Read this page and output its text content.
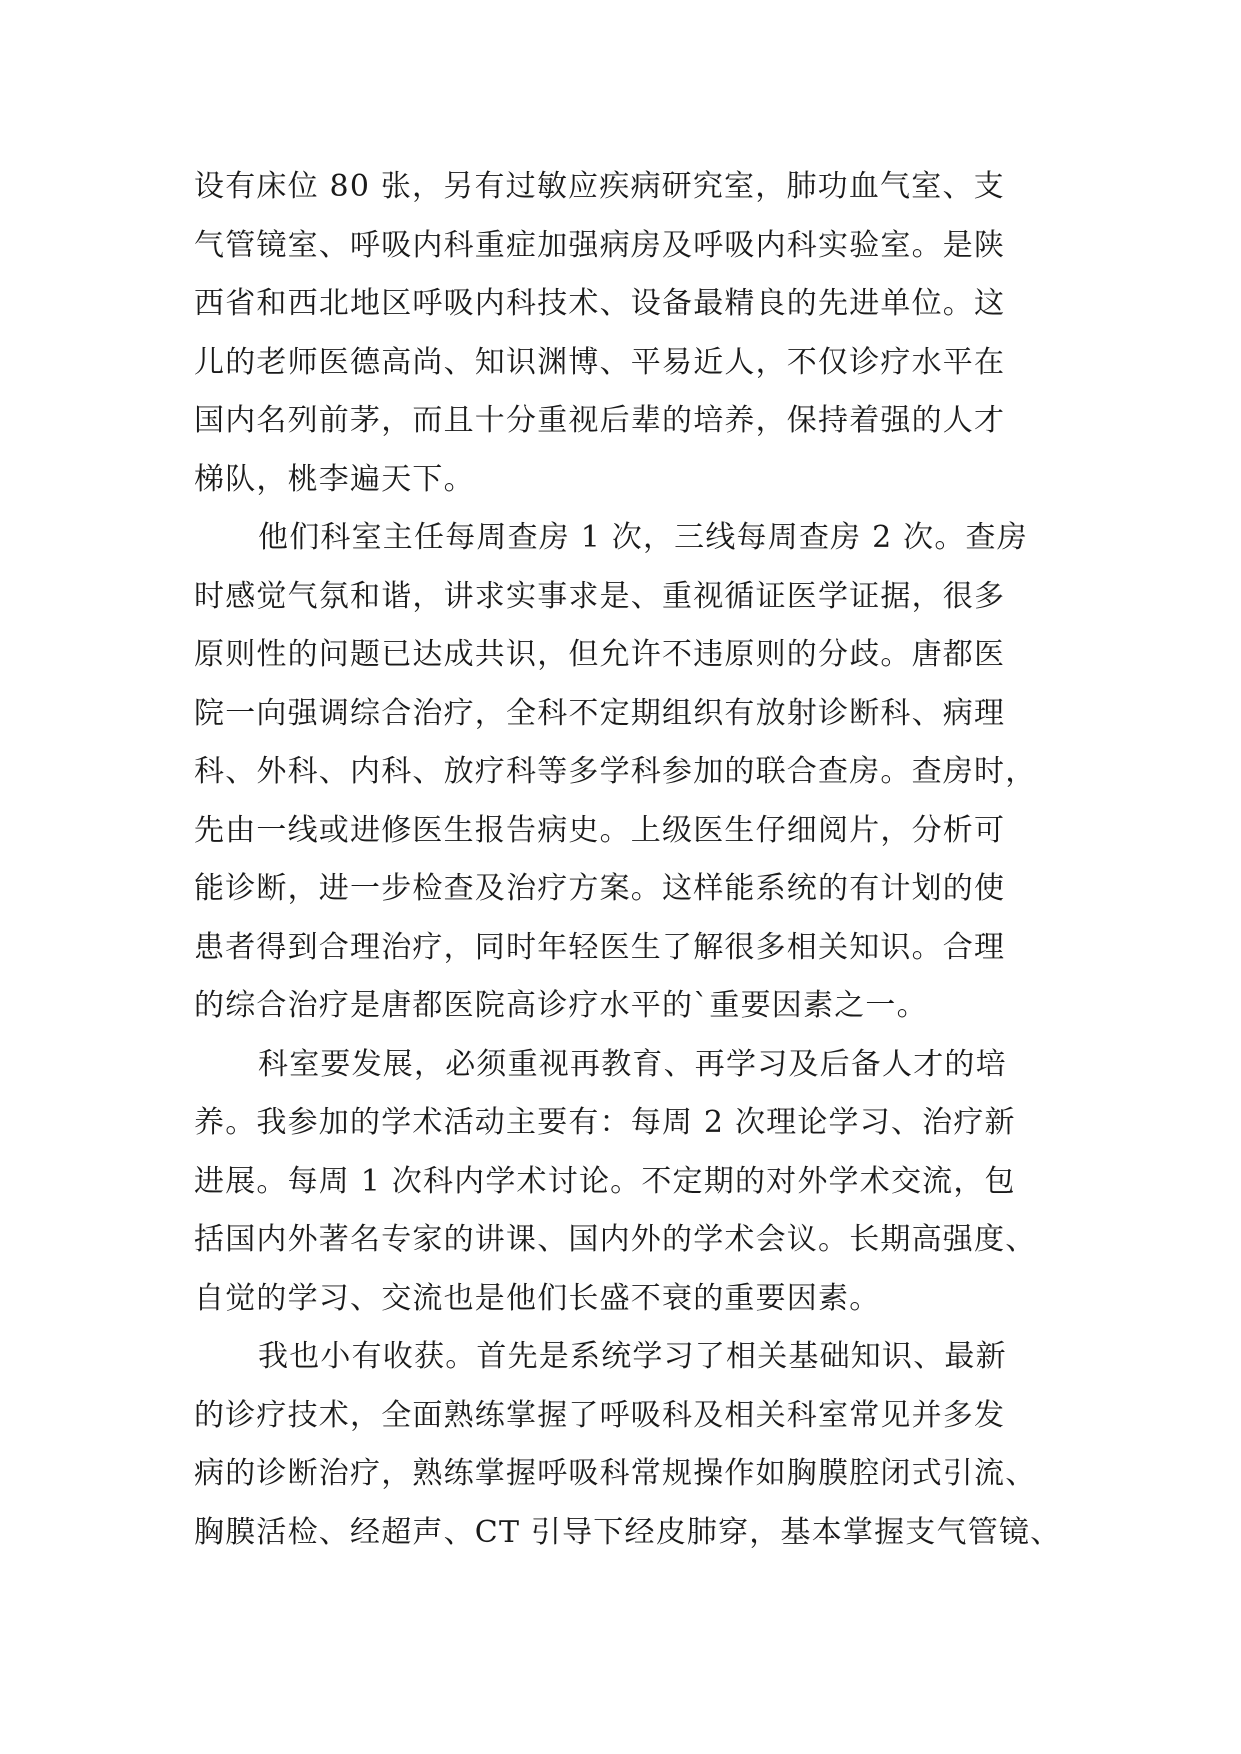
设有床位 80 张，另有过敏应疾病研究室，肺功血气室、支
气管镜室、呼吸内科重症加强病房及呼吸内科实验室。是陕
西省和西北地区呼吸内科技术、设备最精良的先进单位。这
儿的老师医德高尚、知识渊博、平易近人，不仅诊疗水平在
国内名列前茅，而且十分重视后辈的培养，保持着强的人才
梯队，桃李遍天下。
他们科室主任每周查房 1 次，三线每周查房 2 次。查房
时感觉气氛和谐，讲求实事求是、重视循证医学证据，很多
原则性的问题已达成共识，但允许不违原则的分歧。唐都医
院一向强调综合治疗，全科不定期组织有放射诊断科、病理
科、外科、内科、放疗科等多学科参加的联合查房。查房时，
先由一线或进修医生报告病史。上级医生仔细阅片，分析可
能诊断，进一步检查及治疗方案。这样能系统的有计划的使
患者得到合理治疗，同时年轻医生了解很多相关知识。合理
的综合治疗是唐都医院高诊疗水平的`重要因素之一。
科室要发展，必须重视再教育、再学习及后备人才的培
养。我参加的学术活动主要有：每周 2 次理论学习、治疗新
进展。每周 1 次科内学术讨论。不定期的对外学术交流，包
括国内外著名专家的讲课、国内外的学术会议。长期高强度、
自觉的学习、交流也是他们长盛不衰的重要因素。
我也小有收获。首先是系统学习了相关基础知识、最新
的诊疗技术，全面熟练掌握了呼吸科及相关科室常见并多发
病的诊断治疗，熟练掌握呼吸科常规操作如胸膜腔闭式引流、
胸膜活检、经超声、CT 引导下经皮肺穿，基本掌握支气管镜、
